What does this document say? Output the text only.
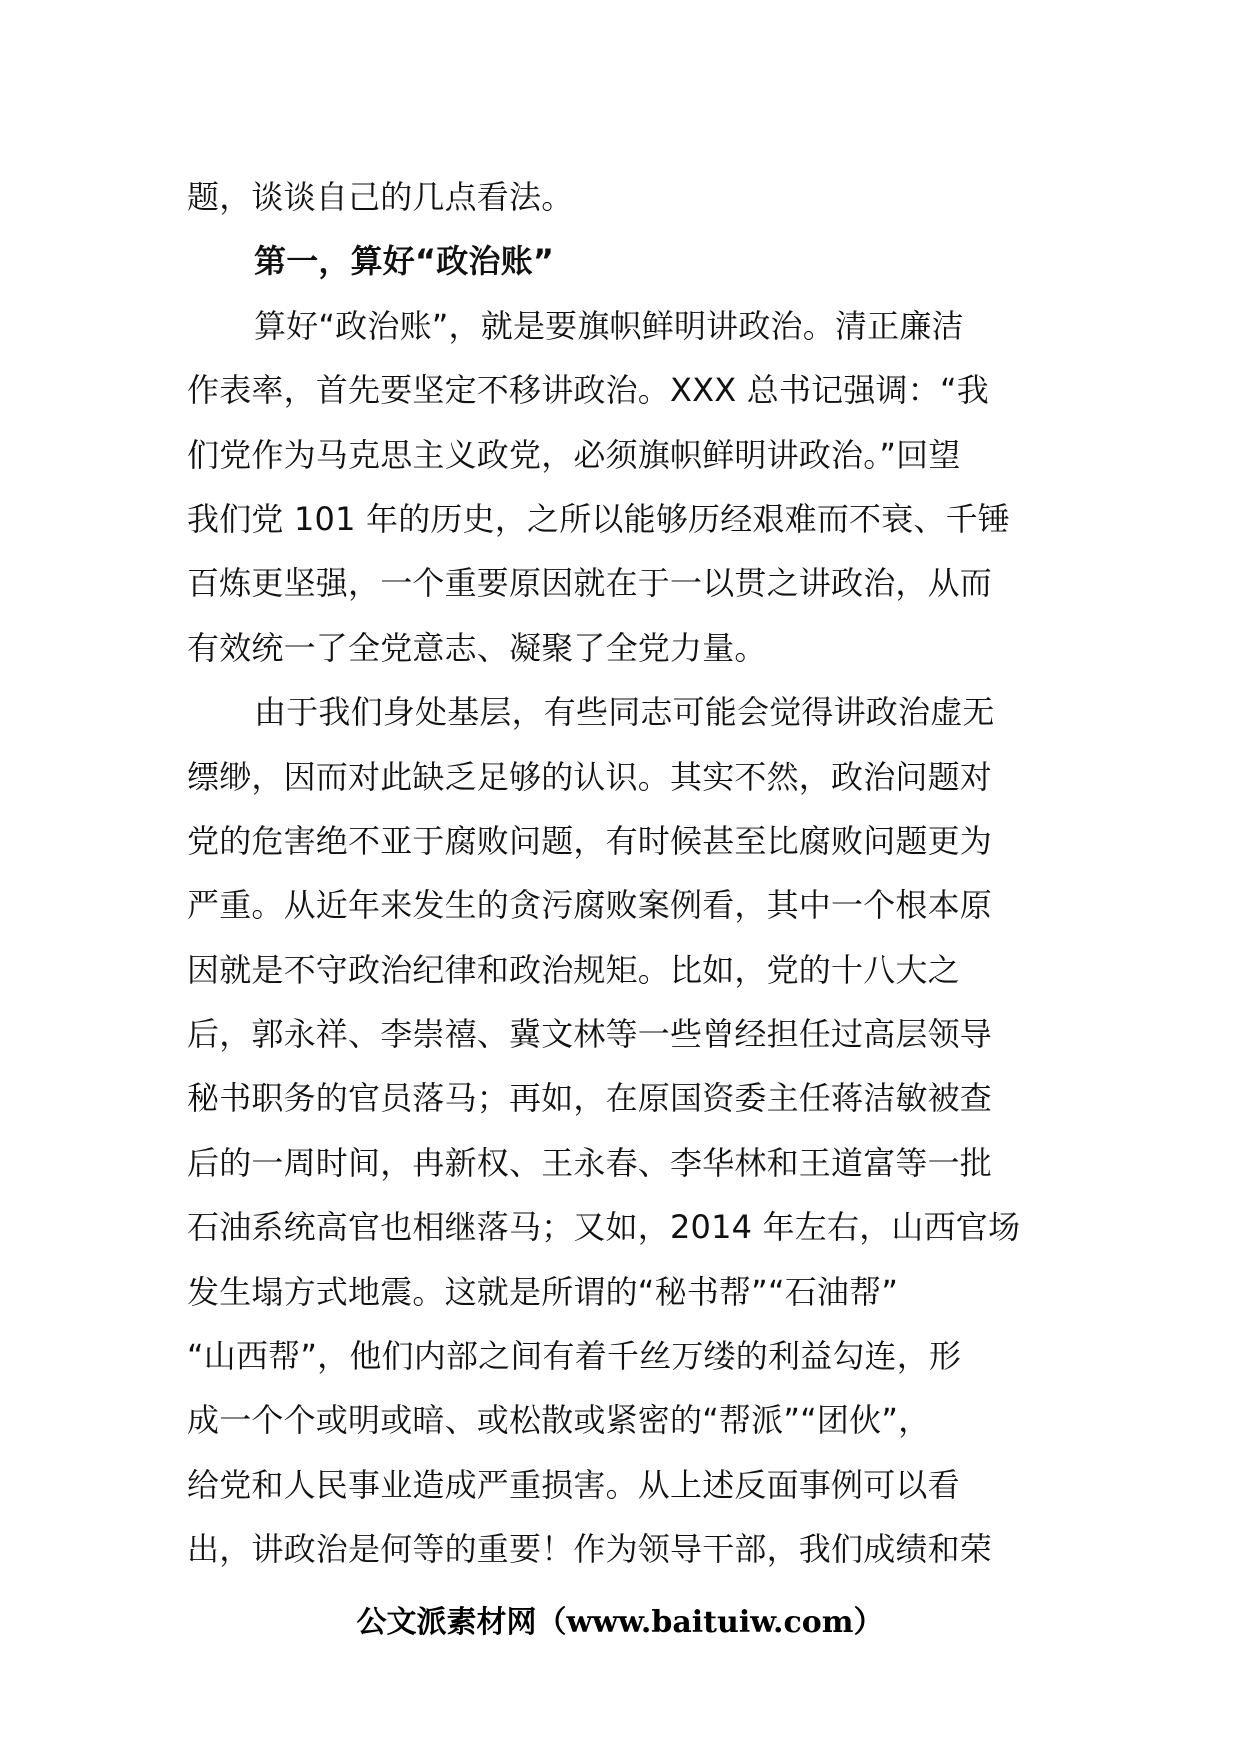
题，谈谈自己的几点看法。
第一，算好“政治账”
算好“政治账”，就是要旗帜鲜明讲政治。清正廉洁
作表率，首先要坚定不移讲政治。XXX 总书记强调：“我
们党作为马克思主义政党，必须旗帜鲜明讲政治。”回望
我们党 101 年的历史，之所以能够历经艰难而不衰、千锤
百炼更坚强，一个重要原因就在于一以贯之讲政治，从而
有效统一了全党意志、凝聚了全党力量。
由于我们身处基层，有些同志可能会觉得讲政治虚无
缥缈，因而对此缺乏足够的认识。其实不然，政治问题对
党的危害绝不亚于腐败问题，有时候甚至比腐败问题更为
严重。从近年来发生的贪污腐败案例看，其中一个根本原
因就是不守政治纪律和政治规矩。比如，党的十八大之
后，郭永祥、李崇禧、冀文林等一些曾经担任过高层领导
秘书职务的官员落马；再如，在原国资委主任蒋洁敏被查
后的一周时间，冉新权、王永春、李华林和王道富等一批
石油系统高官也相继落马；又如，2014 年左右，山西官场
发生塌方式地震。这就是所谓的“秘书帮”“石油帮”
“山西帮”，他们内部之间有着千丝万缕的利益勾连，形
成一个个或明或暗、或松散或紧密的“帮派”“团伙”，
给党和人民事业造成严重损害。从上述反面事例可以看
出，讲政治是何等的重要！作为领导干部，我们成绩和荣
公文派素材网（www.baituiw.com）
